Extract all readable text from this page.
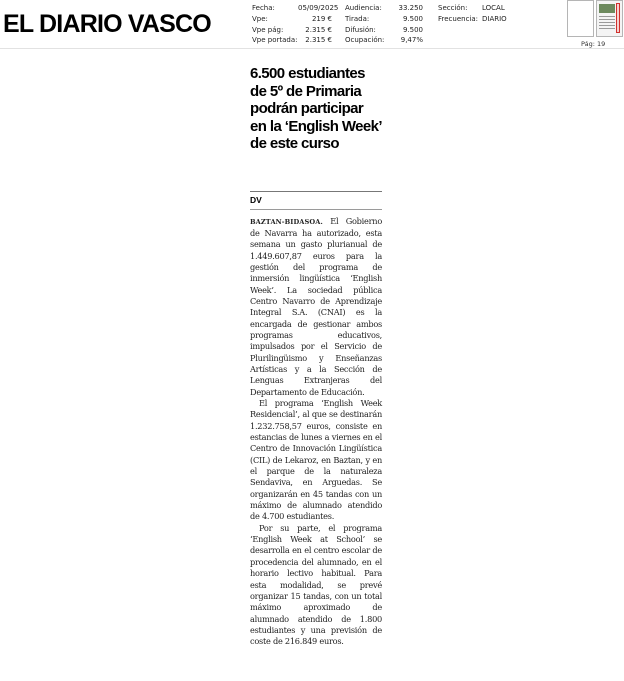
EL DIARIO VASCO
Fecha:	05/09/2025
Vpe:	219 €
Vpe pág:	2.315 €
Vpe portada:	2.315 €
Audiencia:	33.250
Tirada:	9.500
Difusión:	9.500
Ocupación:	9,47%
Sección:	LOCAL
Frecuencia: DIARIO
Pág: 19
6.500 estudiantes de 5º de Primaria podrán participar en la ‘English Week’ de este curso
DV

BAZTAN-BIDASOA. El Gobierno de Navarra ha autorizado, esta semana un gasto plurianual de 1.449.607,87 euros para la gestión del programa de inmersión lingüística ‘English Week’. La sociedad pública Centro Navarro de Aprendizaje Integral S.A. (CNAI) es la encargada de gestionar ambos programas educativos, impulsados por el Servicio de Plurilingüismo y Enseñanzas Artísticas y a la Sección de Lenguas Extranjeras del Departamento de Educación.

El programa ‘English Week Residencial’, al que se destinarán 1.232.758,57 euros, consiste en estancias de lunes a viernes en el Centro de Innovación Lingüística (CIL) de Lekaroz, en Baztan, y en el parque de la naturaleza Sendaviva, en Arguedas. Se organizarán en 45 tandas con un máximo de alumnado atendido de 4.700 estudiantes.

Por su parte, el programa ‘English Week at School’ se desarrolla en el centro escolar de procedencia del alumnado, en el horario lectivo habitual. Para esta modalidad, se prevé organizar 15 tandas, con un total máximo aproximado de alumnado atendido de 1.800 estudiantes y una previsión de coste de 216.849 euros.
